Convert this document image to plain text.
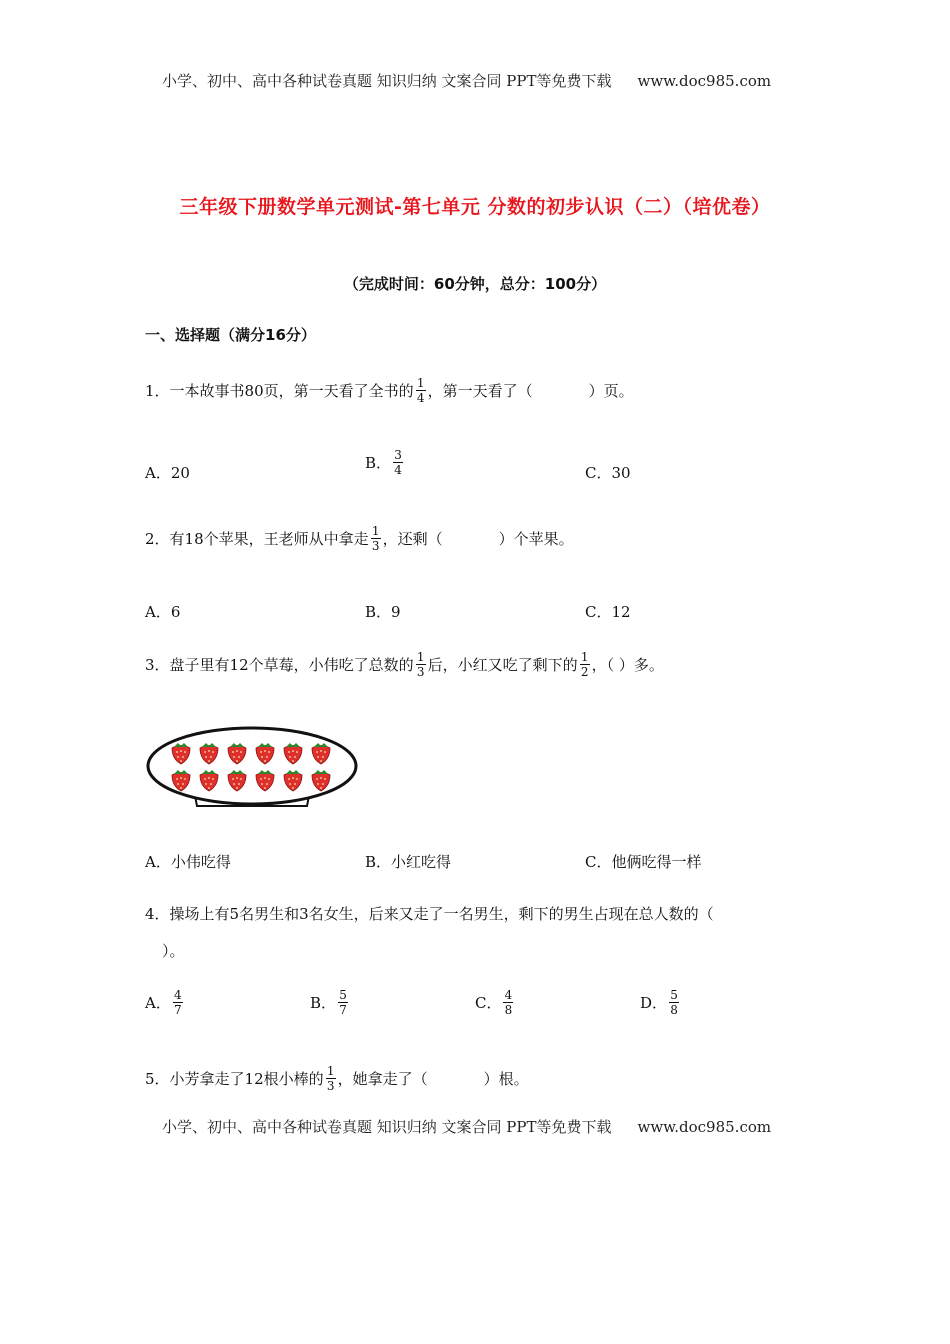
小学、初中、高中各种试卷真题 知识归纳 文案合同 PPT等免费下载 www.doc985.com
三年级下册数学单元测试-第七单元 分数的初步认识（二）（培优卷）
（完成时间：60分钟，总分：100分）
一、选择题（满分16分）
1．一本故事书80页，第一天看了全书的 $\frac{1}{4}$ ，第一天看了（	）页。
A．20
B． $\frac{3}{4}$	C．30
2．有18个苹果，王老师从中拿走 $\frac{1}{3}$ ，还剩（	）个苹果。
A．6	B．9	C．12
3．盘子里有12个草莓，小伟吃了总数的 $\frac{1}{3}$ 后，小红又吃了剩下的 $\frac{1}{2}$ ，（ ）多。
A．小伟吃得	B．小红吃得	C．他俩吃得一样
4．操场上有5名男生和3名女生，后来又走了一名男生，剩下的男生占现在总人数的（
）。
A． $\frac{4}{7}$	B． $\frac{5}{7}$	C． $\frac{4}{8}$	D． $\frac{5}{8}$
5．小芳拿走了12根小棒的 $\frac{1}{3}$ ，她拿走了（	）根。
小学、初中、高中各种试卷真题 知识归纳 文案合同 PPT等免费下载 www.doc985.com
